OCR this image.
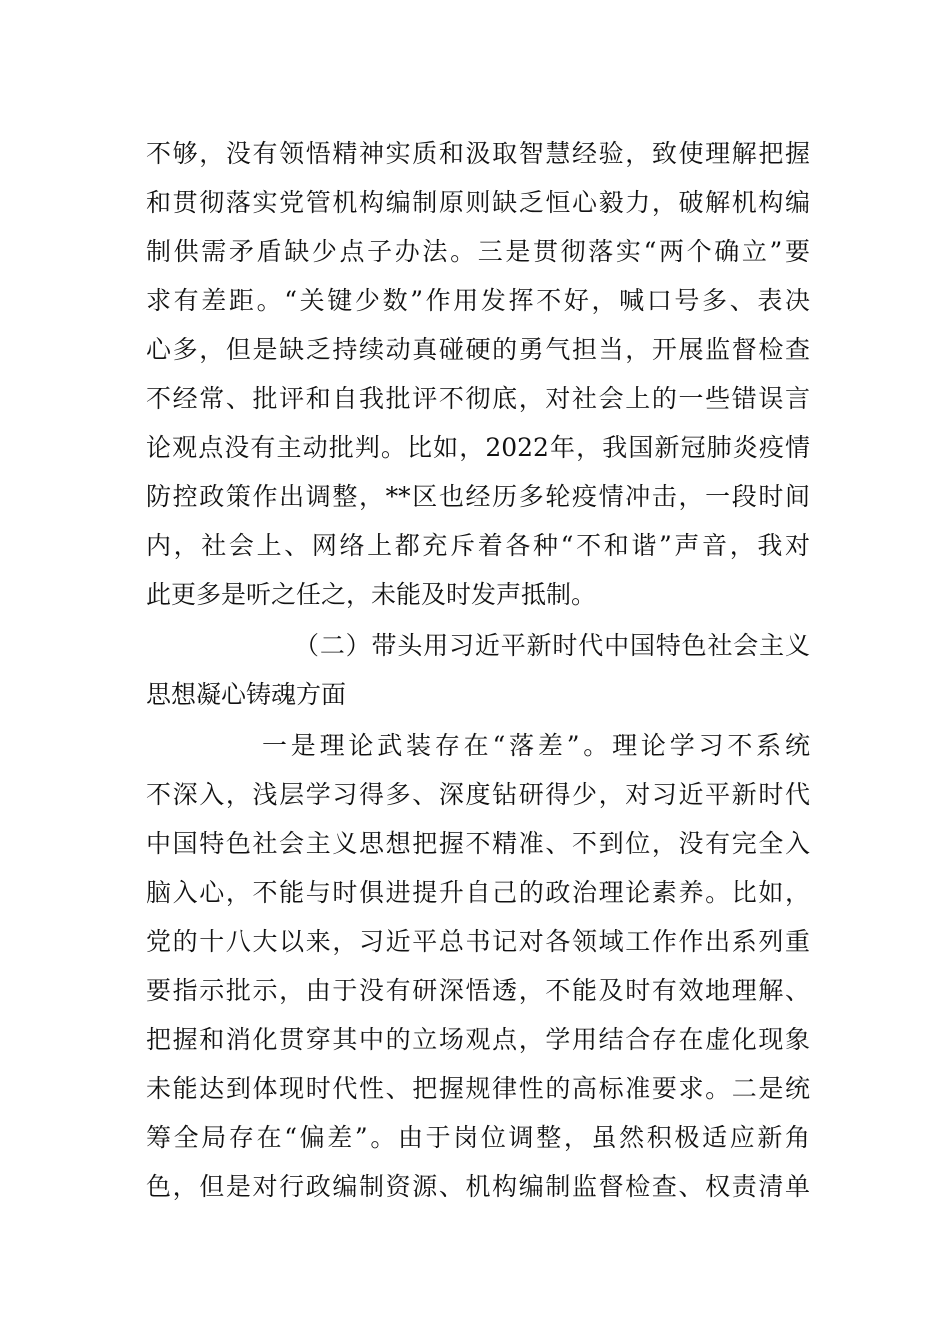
不够，没有领悟精神实质和汲取智慧经验，致使理解把握
和贯彻落实党管机构编制原则缺乏恒心毅力，破解机构编
制供需矛盾缺少点子办法。三是贯彻落实“两个确立”要
求有差距。“关键少数”作用发挥不好，喊口号多、表决
心多，但是缺乏持续动真碰硬的勇气担当，开展监督检查
不经常、批评和自我批评不彻底，对社会上的一些错误言
论观点没有主动批判。比如，2022年，我国新冠肺炎疫情
防控政策作出调整，**区也经历多轮疫情冲击，一段时间
内，社会上、网络上都充斥着各种“不和谐”声音，我对
此更多是听之任之，未能及时发声抵制。
（二）带头用习近平新时代中国特色社会主义
思想凝心铸魂方面
一是理论武装存在“落差”。理论学习不系统
不深入，浅层学习得多、深度钻研得少，对习近平新时代
中国特色社会主义思想把握不精准、不到位，没有完全入
脑入心，不能与时俱进提升自己的政治理论素养。比如，
党的十八大以来，习近平总书记对各领域工作作出系列重
要指示批示，由于没有研深悟透，不能及时有效地理解、
把握和消化贯穿其中的立场观点，学用结合存在虚化现象
未能达到体现时代性、把握规律性的高标准要求。二是统
筹全局存在“偏差”。由于岗位调整，虽然积极适应新角
色，但是对行政编制资源、机构编制监督检查、权责清单
